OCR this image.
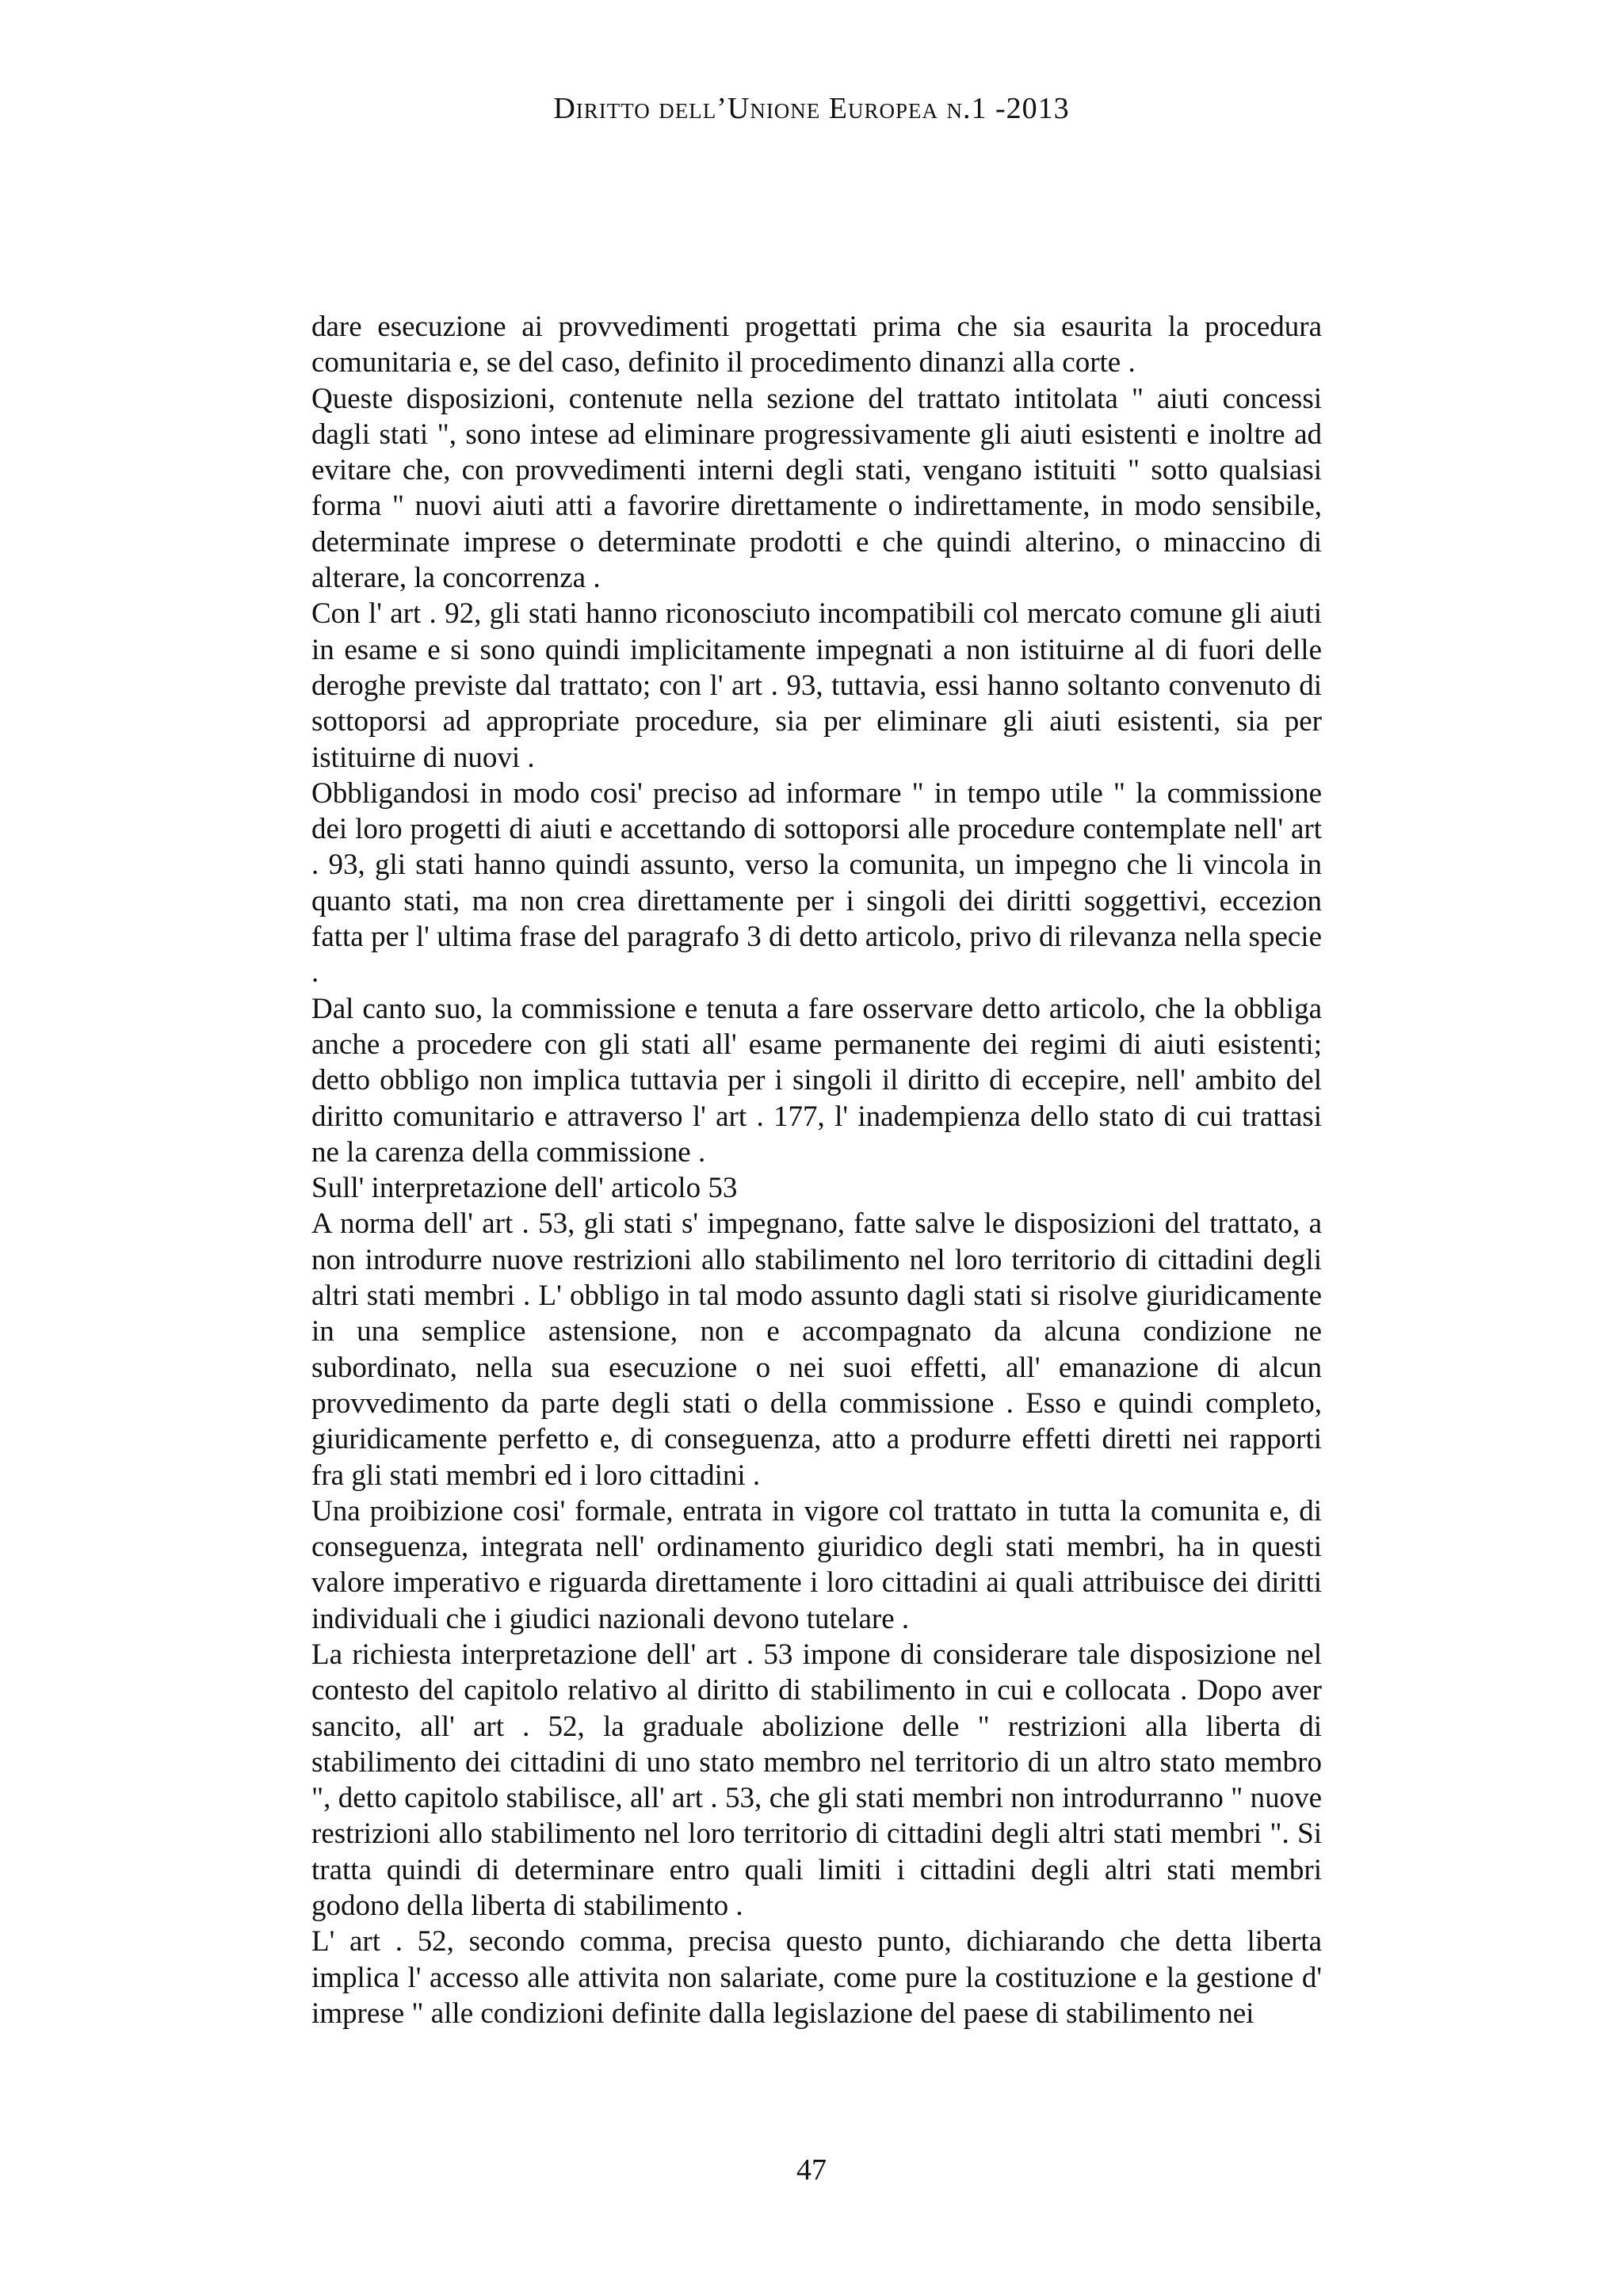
Diritto dell’Unione Europea n.1 -2013

dare esecuzione ai provvedimenti progettati prima che sia esaurita la procedura comunitaria e, se del caso, definito il procedimento dinanzi alla corte .

Queste disposizioni, contenute nella sezione del trattato intitolata " aiuti concessi dagli stati ", sono intese ad eliminare progressivamente gli aiuti esistenti e inoltre ad evitare che, con provvedimenti interni degli stati, vengano istituiti " sotto qualsiasi forma " nuovi aiuti atti a favorire direttamente o indirettamente, in modo sensibile, determinate imprese o determinate prodotti e che quindi alterino, o minaccino di alterare, la concorrenza .

Con l' art . 92, gli stati hanno riconosciuto incompatibili col mercato comune gli aiuti in esame e si sono quindi implicitamente impegnati a non istituirne al di fuori delle deroghe previste dal trattato; con l' art . 93, tuttavia, essi hanno soltanto convenuto di sottoporsi ad appropriate procedure, sia per eliminare gli aiuti esistenti, sia per istituirne di nuovi .

Obbligandosi in modo cosi' preciso ad informare " in tempo utile " la commissione dei loro progetti di aiuti e accettando di sottoporsi alle procedure contemplate nell' art . 93, gli stati hanno quindi assunto, verso la comunita, un impegno che li vincola in quanto stati, ma non crea direttamente per i singoli dei diritti soggettivi, eccezion fatta per l' ultima frase del paragrafo 3 di detto articolo, privo di rilevanza nella specie .

Dal canto suo, la commissione e tenuta a fare osservare detto articolo, che la obbliga anche a procedere con gli stati all' esame permanente dei regimi di aiuti esistenti; detto obbligo non implica tuttavia per i singoli il diritto di eccepire, nell' ambito del diritto comunitario e attraverso l' art . 177, l' inadempienza dello stato di cui trattasi ne la carenza della commissione .

Sull' interpretazione dell' articolo 53

A norma dell' art . 53, gli stati s' impegnano, fatte salve le disposizioni del trattato, a non introdurre nuove restrizioni allo stabilimento nel loro territorio di cittadini degli altri stati membri . L' obbligo in tal modo assunto dagli stati si risolve giuridicamente in una semplice astensione, non e accompagnato da alcuna condizione ne subordinato, nella sua esecuzione o nei suoi effetti, all' emanazione di alcun provvedimento da parte degli stati o della commissione . Esso e quindi completo, giuridicamente perfetto e, di conseguenza, atto a produrre effetti diretti nei rapporti fra gli stati membri ed i loro cittadini .

Una proibizione cosi' formale, entrata in vigore col trattato in tutta la comunita e, di conseguenza, integrata nell' ordinamento giuridico degli stati membri, ha in questi valore imperativo e riguarda direttamente i loro cittadini ai quali attribuisce dei diritti individuali che i giudici nazionali devono tutelare .

La richiesta interpretazione dell' art . 53 impone di considerare tale disposizione nel contesto del capitolo relativo al diritto di stabilimento in cui e collocata . Dopo aver sancito, all' art . 52, la graduale abolizione delle " restrizioni alla liberta di stabilimento dei cittadini di uno stato membro nel territorio di un altro stato membro ", detto capitolo stabilisce, all' art . 53, che gli stati membri non introdurranno " nuove restrizioni allo stabilimento nel loro territorio di cittadini degli altri stati membri ". Si tratta quindi di determinare entro quali limiti i cittadini degli altri stati membri godono della liberta di stabilimento .

L' art . 52, secondo comma, precisa questo punto, dichiarando che detta liberta implica l' accesso alle attivita non salariate, come pure la costituzione e la gestione d' imprese " alle condizioni definite dalla legislazione del paese di stabilimento nei

47
